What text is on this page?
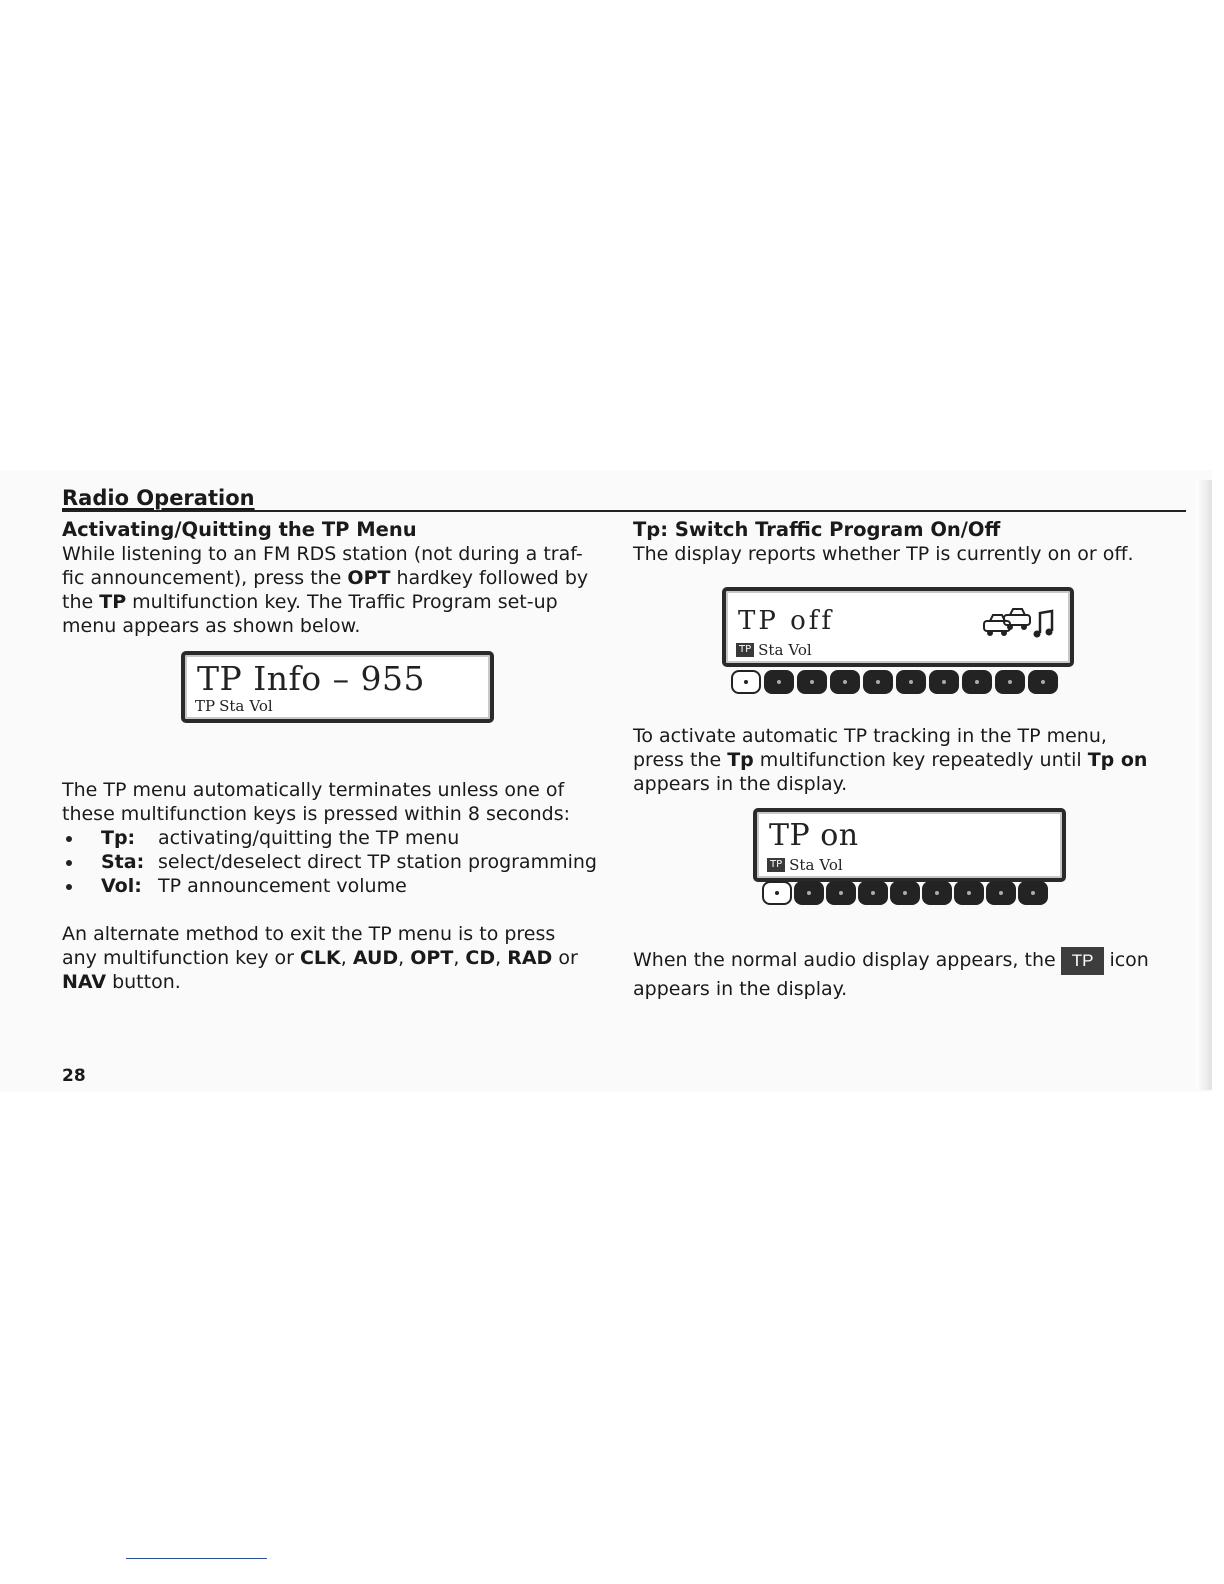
Radio Operation
Activating/Quitting the TP Menu

While listening to an FM RDS station (not during a traf-
fic announcement), press the OPT hardkey followed by
the TP multifunction key. The Traffic Program set-up
menu appears as shown below.

The TP menu automatically terminates unless one of
these multifunction keys is pressed within 8 seconds:

Tp: activating/quitting the TP menu
Sta: select/deselect direct TP station programming
Vol: TP announcement volume

An alternate method to exit the TP menu is to press
any multifunction key or CLK, AUD, OPT, CD, RAD or
NAV button.

TP Info – 955
TP Sta Vol
Tp: Switch Traffic Program On/Off

The display reports whether TP is currently on or off.

To activate automatic TP tracking in the TP menu,
press the Tp multifunction key repeatedly until Tp on
appears in the display.

TP off
TP Sta Vol
TP on
TP Sta Vol
When the normal audio display appears, the TP icon
appears in the display.
28
